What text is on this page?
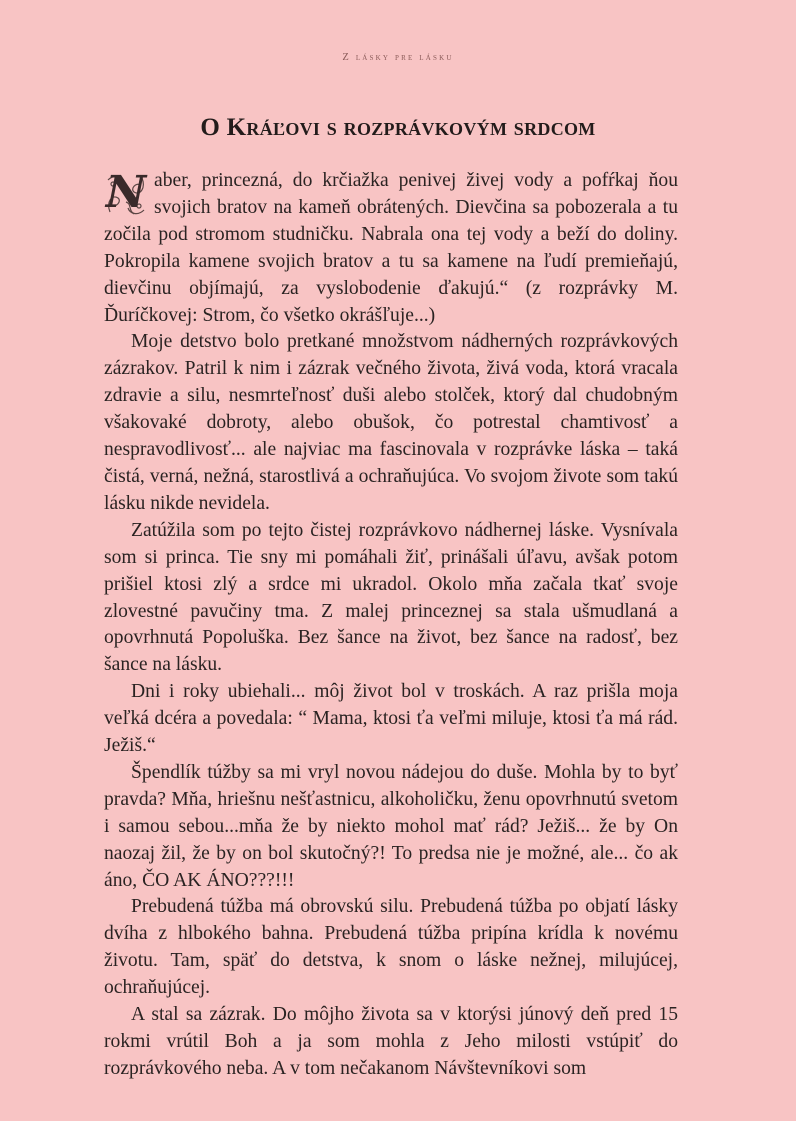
Z lásky pre lásku
O Kráľovi s rozprávkovým srdcom

N aber, princezná, do krčiažka penivej živej vody a pofŕkaj ňou svojich bratov na kameň obrátených. Dievčina sa pobozerala a tu zočila pod stromom studničku. Nabrala ona tej vody a beží do doliny. Pokropila kamene svojich bratov a tu sa kamene na ľudí premieňajú, dievčinu objímajú, za vyslobodenie ďakujú.“ (z rozprávky M. Ďuríčkovej: Strom, čo všetko okrášľuje...)

Moje detstvo bolo pretkané množstvom nádherných rozprávkových zázrakov. Patril k nim i zázrak večného života, živá voda, ktorá vracala zdravie a silu, nesmrteľnosť duši alebo stolček, ktorý dal chudobným všakovaké dobroty, alebo obušok, čo potrestal chamtivosť a nespravodlivosť... ale najviac ma fascinovala v rozprávke láska – taká čistá, verná, nežná, starostlivá a ochraňujúca. Vo svojom živote som takú lásku nikde nevidela.

Zatúžila som po tejto čistej rozprávkovo nádhernej láske. Vysnívala som si princa. Tie sny mi pomáhali žiť, prinášali úľavu, avšak potom prišiel ktosi zlý a srdce mi ukradol. Okolo mňa začala tkať svoje zlovestné pavučiny tma. Z malej princeznej sa stala ušmudlaná a opovrhnutá Popoluška. Bez šance na život, bez šance na radosť, bez šance na lásku.

Dni i roky ubiehali... môj život bol v troskách. A raz prišla moja veľká dcéra a povedala: “ Mama, ktosi ťa veľmi miluje, ktosi ťa má rád. Ježiš.“

Špendlík túžby sa mi vryl novou nádejou do duše. Mohla by to byť pravda? Mňa, hriešnu nešťastnicu, alkoholičku, ženu opovrhnutú svetom i samou sebou...mňa že by niekto mohol mať rád? Ježiš... že by On naozaj žil, že by on bol skutočný?! To predsa nie je možné, ale... čo ak áno, ČO AK ÁNO???!!!

Prebudená túžba má obrovskú silu. Prebudená túžba po objatí lásky dvíha z hlbokého bahna. Prebudená túžba pripína krídla k novému životu. Tam, späť do detstva, k snom o láske nežnej, milujúcej, ochraňujúcej.

A stal sa zázrak. Do môjho života sa v ktorýsi júnový deň pred 15 rokmi vrútil Boh a ja som mohla z Jeho milosti vstúpiť do rozprávkového neba. A v tom nečakanom Návštevníkovi som
